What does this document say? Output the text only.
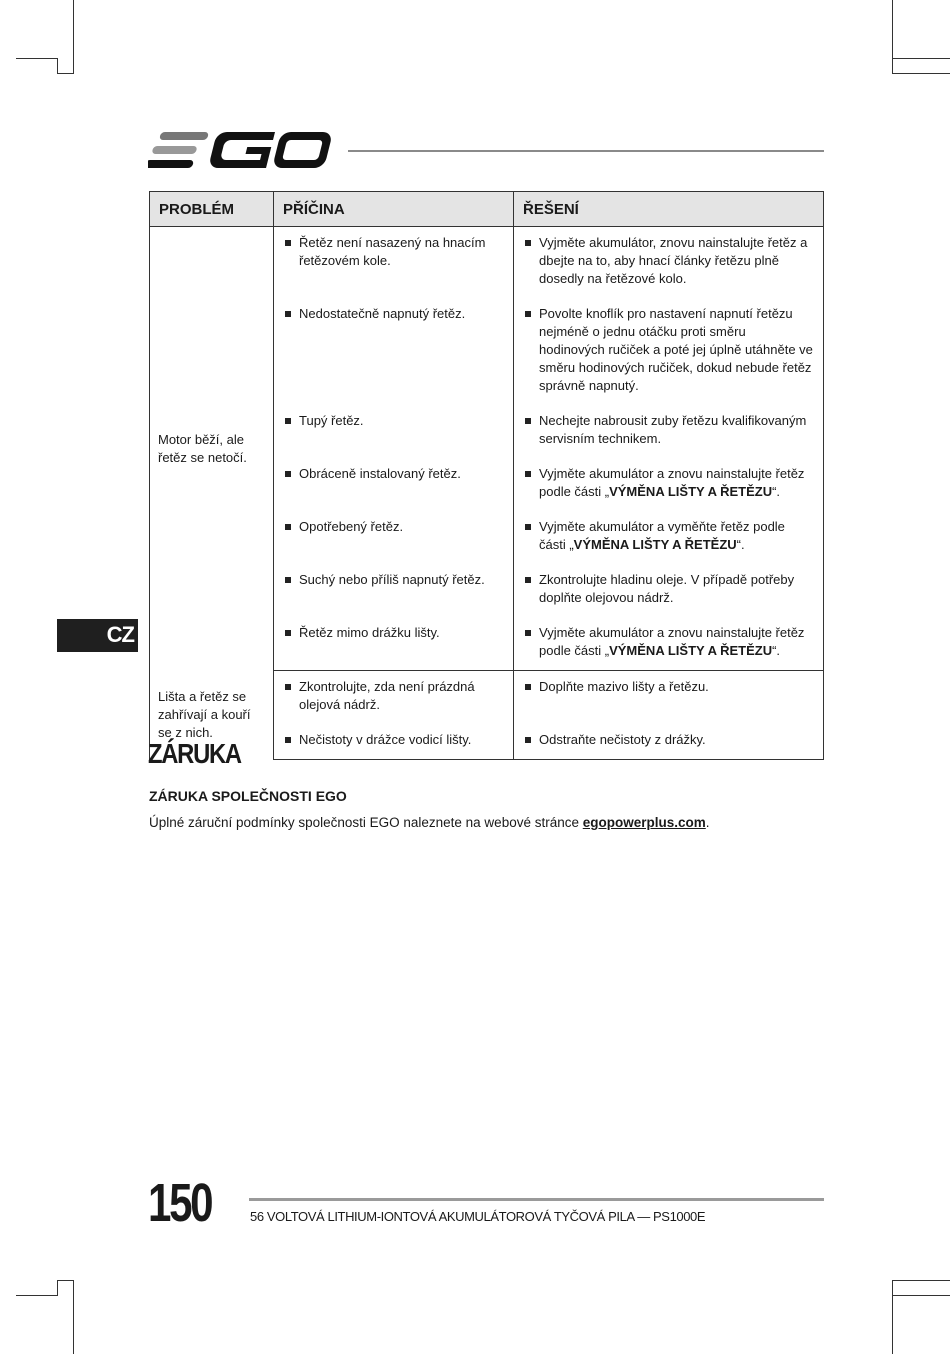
PROBLÉM	PŘÍČINA	ŘEŠENÍ
Motor běží, ale řetěz se netočí.	Řetěz není nasazený na hnacím řetězovém kole.	Vyjměte akumulátor, znovu nainstalujte řetěz a dbejte na to, aby hnací články řetězu plně dosedly na řetězové kolo.

	Nedostatečně napnutý řetěz.	Povolte knoflík pro nastavení napnutí řetězu nejméně o jednu otáčku proti směru hodinových ručiček a poté jej úplně utáhněte ve směru hodinových ručiček, dokud nebude řetěz správně napnutý.

	Tupý řetěz.	Nechejte nabrousit zuby řetězu kvalifikovaným servisním technikem.

	Obráceně instalovaný řetěz.	Vyjměte akumulátor a znovu nainstalujte řetěz podle části „VÝMĚNA LIŠTY A ŘETĚZU“.

	Opotřebený řetěz.	Vyjměte akumulátor a vyměňte řetěz podle části „VÝMĚNA LIŠTY A ŘETĚZU“.

	Suchý nebo příliš napnutý řetěz.	Zkontrolujte hladinu oleje. V případě potřeby doplňte olejovou nádrž.

	Řetěz mimo drážku lišty.	Vyjměte akumulátor a znovu nainstalujte řetěz podle části „VÝMĚNA LIŠTY A ŘETĚZU“.

Lišta a řetěz se zahřívají a kouří se z nich.	Zkontrolujte, zda není prázdná olejová nádrž.	Doplňte mazivo lišty a řetězu.

	Nečistoty v drážce vodicí lišty.	Odstraňte nečistoty z drážky.
CZ
ZÁRUKA
ZÁRUKA SPOLEČNOSTI EGO
Úplné záruční podmínky společnosti EGO naleznete na webové stránce egopowerplus.com.
150	56 VOLTOVÁ LITHIUM-IONTOVÁ AKUMULÁTOROVÁ TYČOVÁ PILA — PS1000E
